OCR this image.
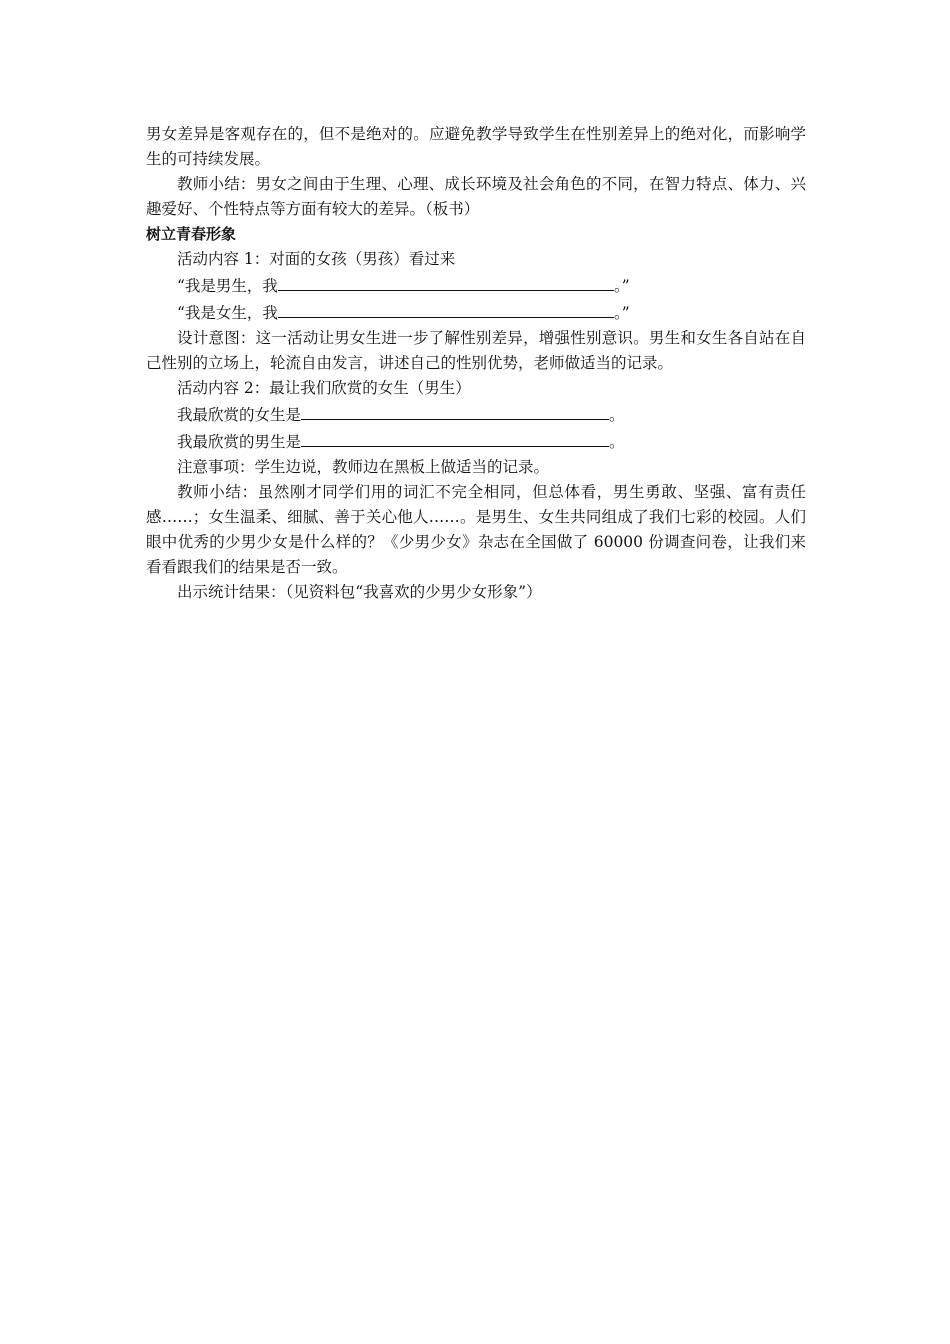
男女差异是客观存在的，但不是绝对的。应避免教学导致学生在性别差异上的绝对化，而影响学生的可持续发展。

教师小结：男女之间由于生理、心理、成长环境及社会角色的不同，在智力特点、体力、兴趣爱好、个性特点等方面有较大的差异。（板书）

树立青春形象

活动内容 1：对面的女孩（男孩）看过来

“我是男生，我	。”

“我是女生，我	。”

设计意图：这一活动让男女生进一步了解性别差异，增强性别意识。男生和女生各自站在自己性别的立场上，轮流自由发言，讲述自己的性别优势，老师做适当的记录。

活动内容 2：最让我们欣赏的女生（男生）

我最欣赏的女生是	。

我最欣赏的男生是	。

注意事项：学生边说，教师边在黑板上做适当的记录。

教师小结：虽然刚才同学们用的词汇不完全相同，但总体看，男生勇敢、坚强、富有责任感……；女生温柔、细腻、善于关心他人……。是男生、女生共同组成了我们七彩的校园。人们眼中优秀的少男少女是什么样的？《少男少女》杂志在全国做了 60000 份调查问卷，让我们来看看跟我们的结果是否一致。

出示统计结果：（见资料包“我喜欢的少男少女形象”）
